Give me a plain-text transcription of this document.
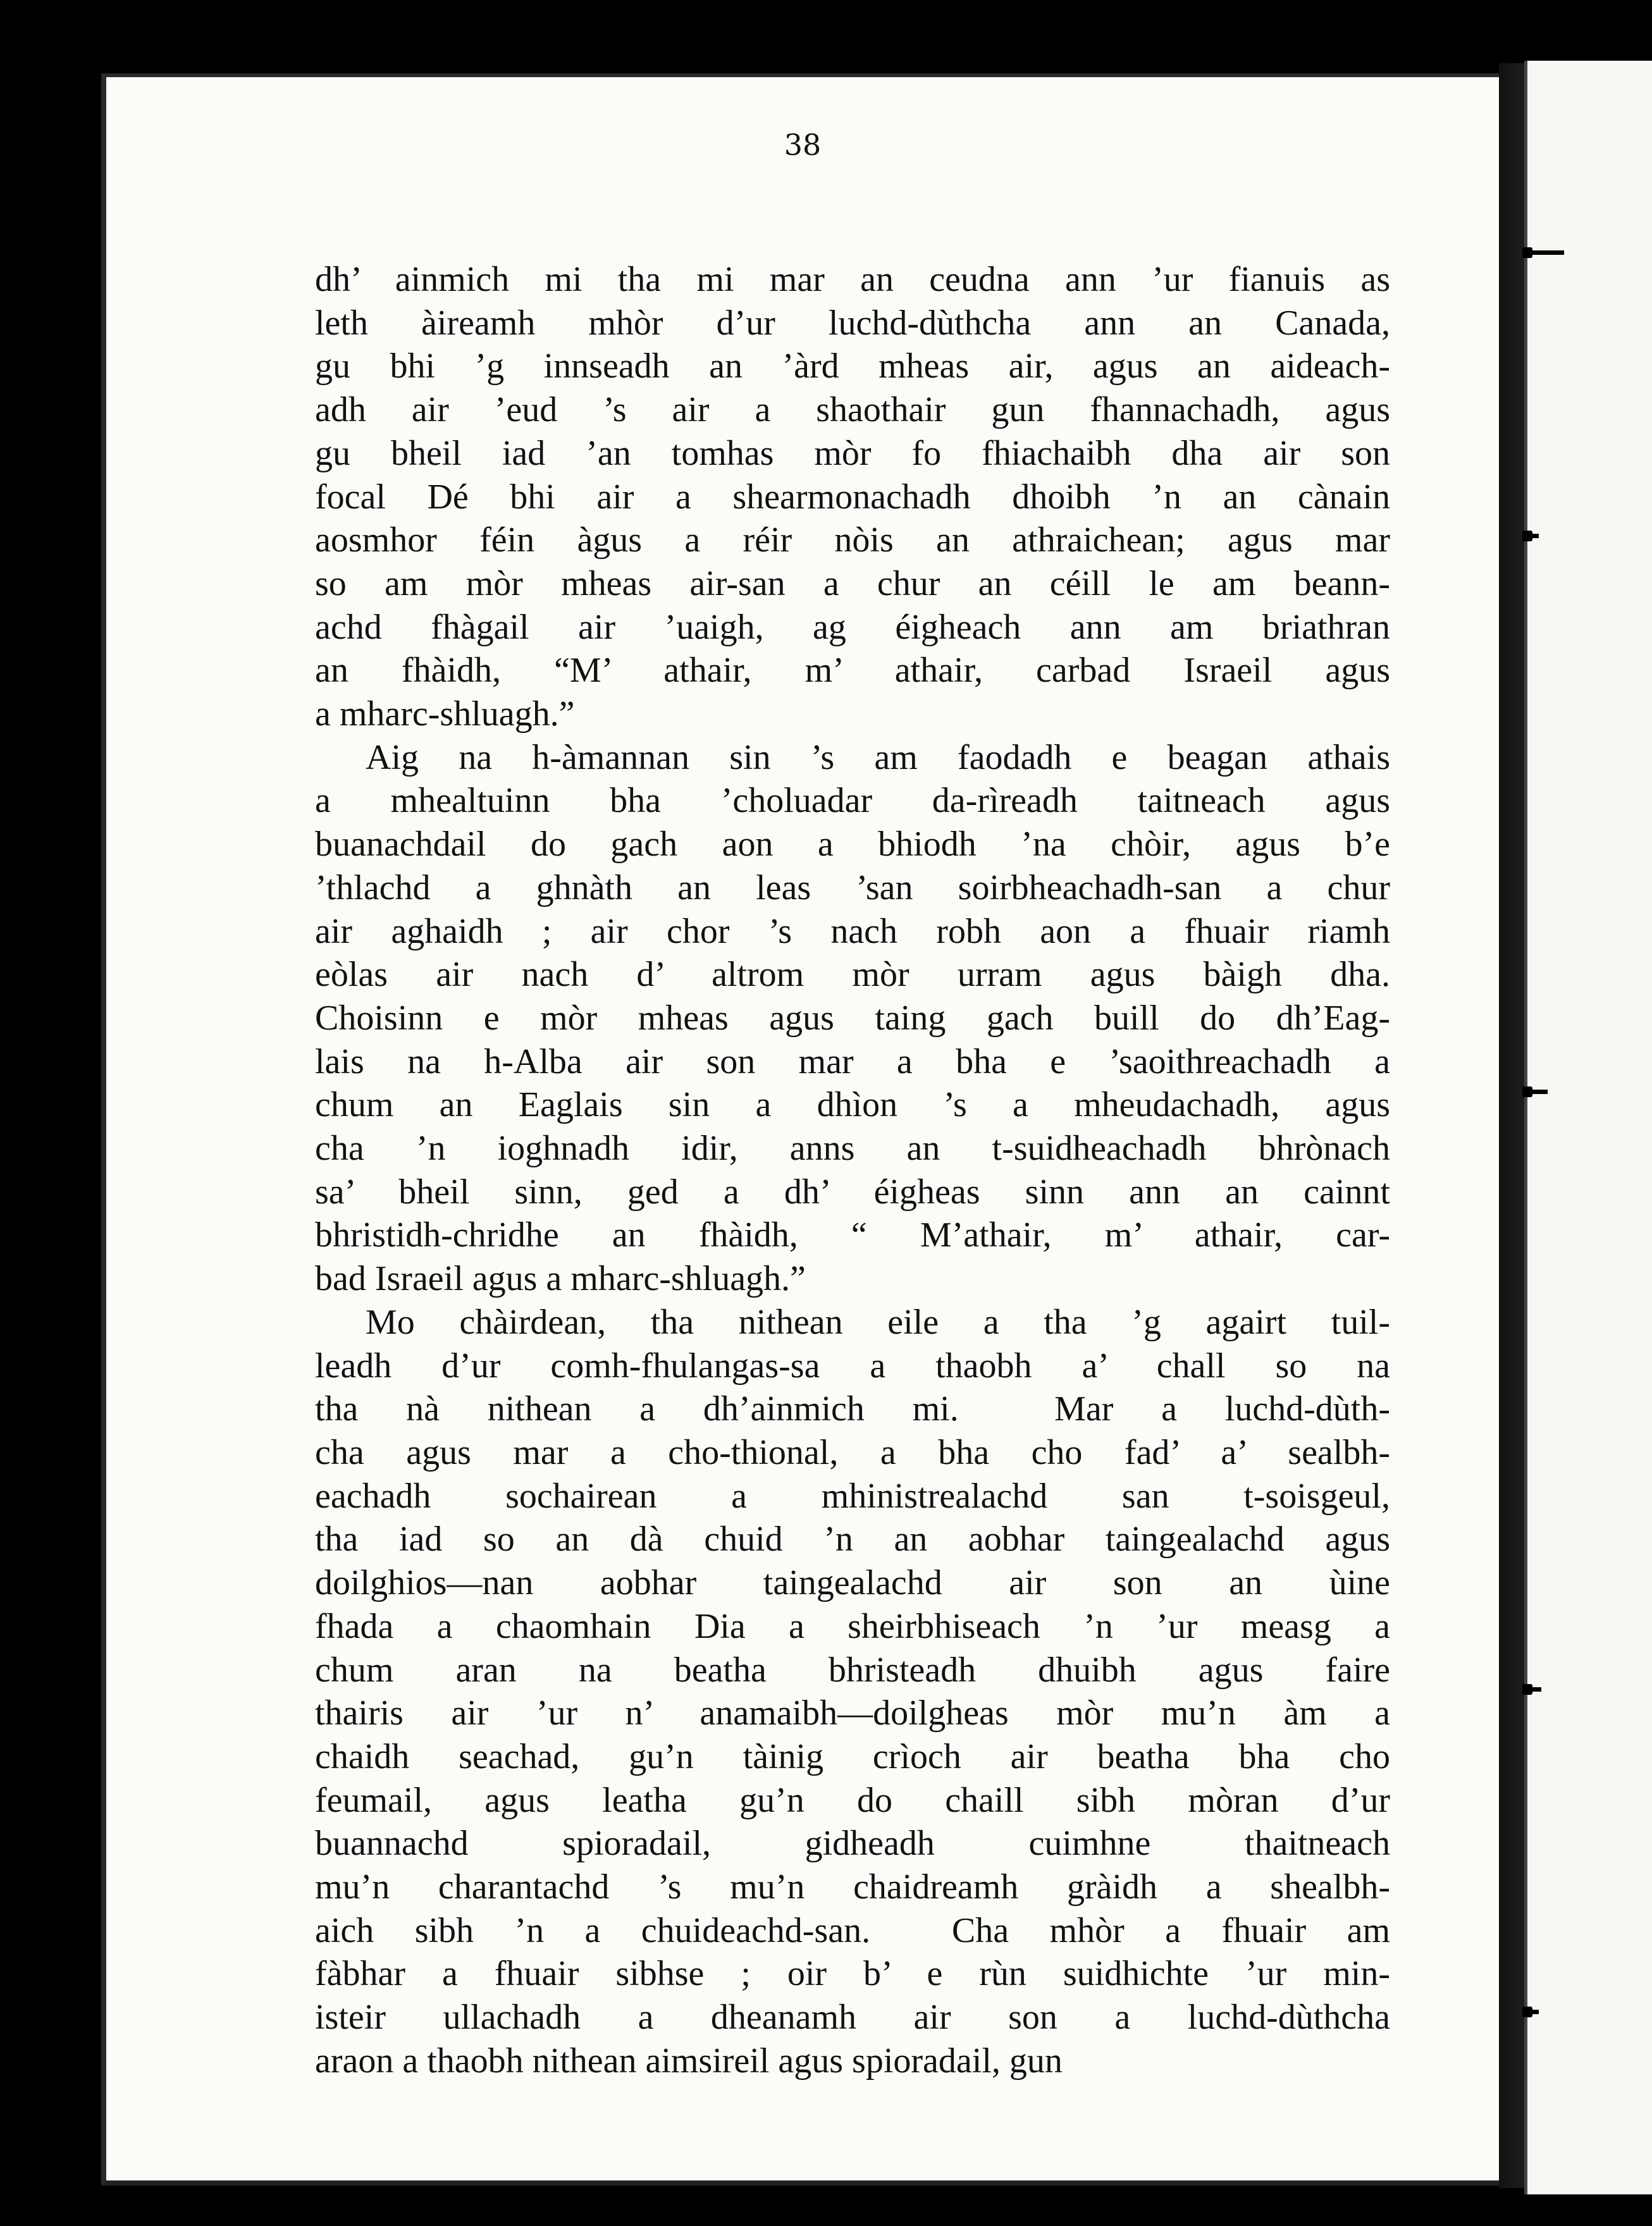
38
dh’ ainmich mi tha mi mar an ceudna ann ’ur fianuis as
leth àireamh mhòr d’ur luchd-dùthcha ann an Canada,
gu bhi ’g innseadh an ’àrd mheas air, agus an aideach-
adh air ’eud ’s air a shaothair gun fhannachadh, agus
gu bheil iad ’an tomhas mòr fo fhiachaibh dha air son
focal Dé bhi air a shearmonachadh dhoibh ’n an cànain
aosmhor féin àgus a réir nòis an athraichean; agus mar
so am mòr mheas air-san a chur an céill le am beann-
achd fhàgail air ’uaigh, ag éigheach ann am briathran
an fhàidh, “M’ athair, m’ athair, carbad Israeil agus
a mharc-shluagh.”
Aig na h-àmannan sin ’s am faodadh e beagan athais
a mhealtuinn bha ’choluadar da-rìreadh taitneach agus
buanachdail do gach aon a bhiodh ’na chòir, agus b’e
’thlachd a ghnàth an leas ’san soirbheachadh-san a chur
air aghaidh ; air chor ’s nach robh aon a fhuair riamh
eòlas air nach d’ altrom mòr urram agus bàigh dha.
Choisinn e mòr mheas agus taing gach buill do dh’Eag-
lais na h-Alba air son mar a bha e ’saoithreachadh a
chum an Eaglais sin a dhìon ’s a mheudachadh, agus
cha ’n ioghnadh idir, anns an t-suidheachadh bhrònach
sa’ bheil sinn, ged a dh’ éigheas sinn ann an cainnt
bhristidh-chridhe an fhàidh, “ M’athair, m’ athair, car-
bad Israeil agus a mharc-shluagh.”
Mo chàirdean, tha nithean eile a tha ’g agairt tuil-
leadh d’ur comh-fhulangas-sa a thaobh a’ chall so na
tha nà nithean a dh’ainmich mi.  Mar a luchd-dùth-
cha agus mar a cho-thional, a bha cho fad’ a’ sealbh-
eachadh sochairean a mhinistrealachd san t-soisgeul,
tha iad so an dà chuid ’n an aobhar taingealachd agus
doilghios—nan aobhar taingealachd air son an ùine
fhada a chaomhain Dia a sheirbhiseach ’n ’ur measg a
chum aran na beatha bhristeadh dhuibh agus faire
thairis air ’ur n’ anamaibh—doilgheas mòr mu’n àm a
chaidh seachad, gu’n tàinig crìoch air beatha bha cho
feumail, agus leatha gu’n do chaill sibh mòran d’ur
buannachd spioradail, gidheadh cuimhne thaitneach
mu’n charantachd ’s mu’n chaidreamh gràidh a shealbh-
aich sibh ’n a chuideachd-san.  Cha mhòr a fhuair am
fàbhar a fhuair sibhse ; oir b’ e rùn suidhichte ’ur min-
isteir ullachadh a dheanamh air son a luchd-dùthcha
araon a thaobh nithean aimsireil agus spioradail, gun
